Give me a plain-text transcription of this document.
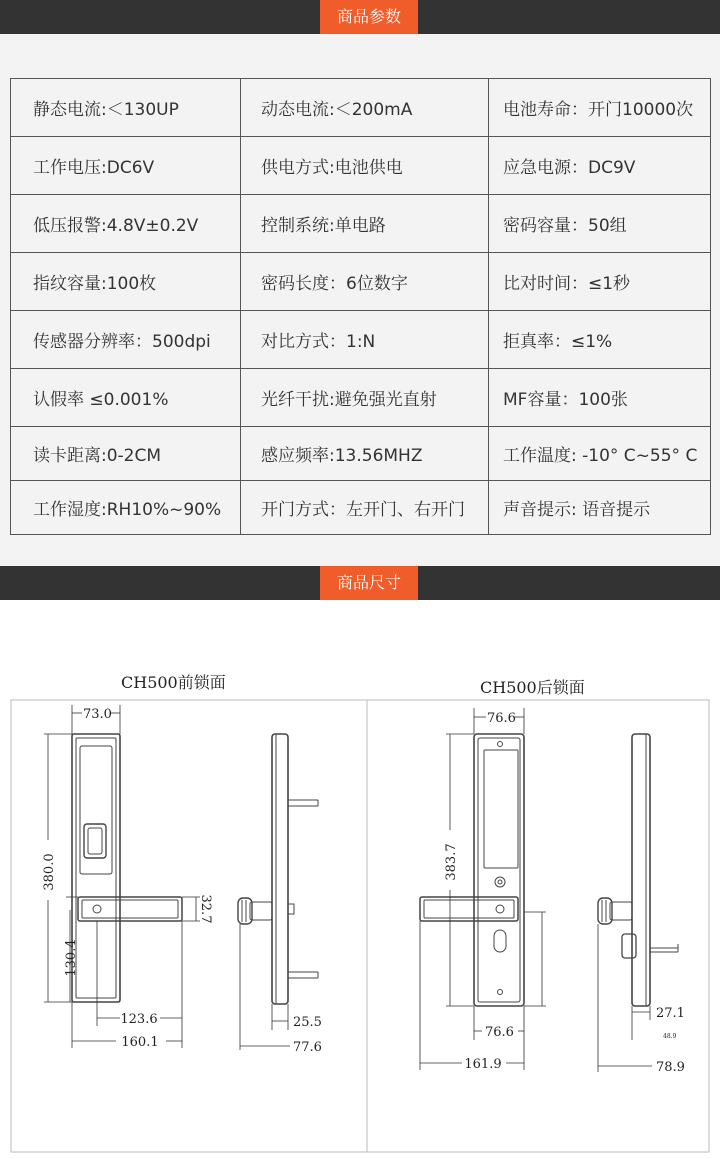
商品参数
静态电流:＜130UP	动态电流:＜200mA	电池寿命：开门10000次
工作电压:DC6V	供电方式:电池供电	应急电源：DC9V
低压报警:4.8V±0.2V	控制系统:单电路	密码容量：50组
指纹容量:100枚	密码长度：6位数字	比对时间：≤1秒
传感器分辨率：500dpi	对比方式：1:N	拒真率：≤1%
认假率 ≤0.001%	光纤干扰:避免强光直射	MF容量：100张
读卡距离:0-2CM	感应频率:13.56MHZ	工作温度: -10° C~55° C
工作湿度:RH10%~90%	开门方式：左开门、右开门	声音提示: 语音提示
商品尺寸
CH500前锁面	CH500后锁面
73.0
380.0
32.7
130.4
123.6
160.1
25.5
77.6
76.6
383.7
76.6
161.9
27.1
48.9
78.9
